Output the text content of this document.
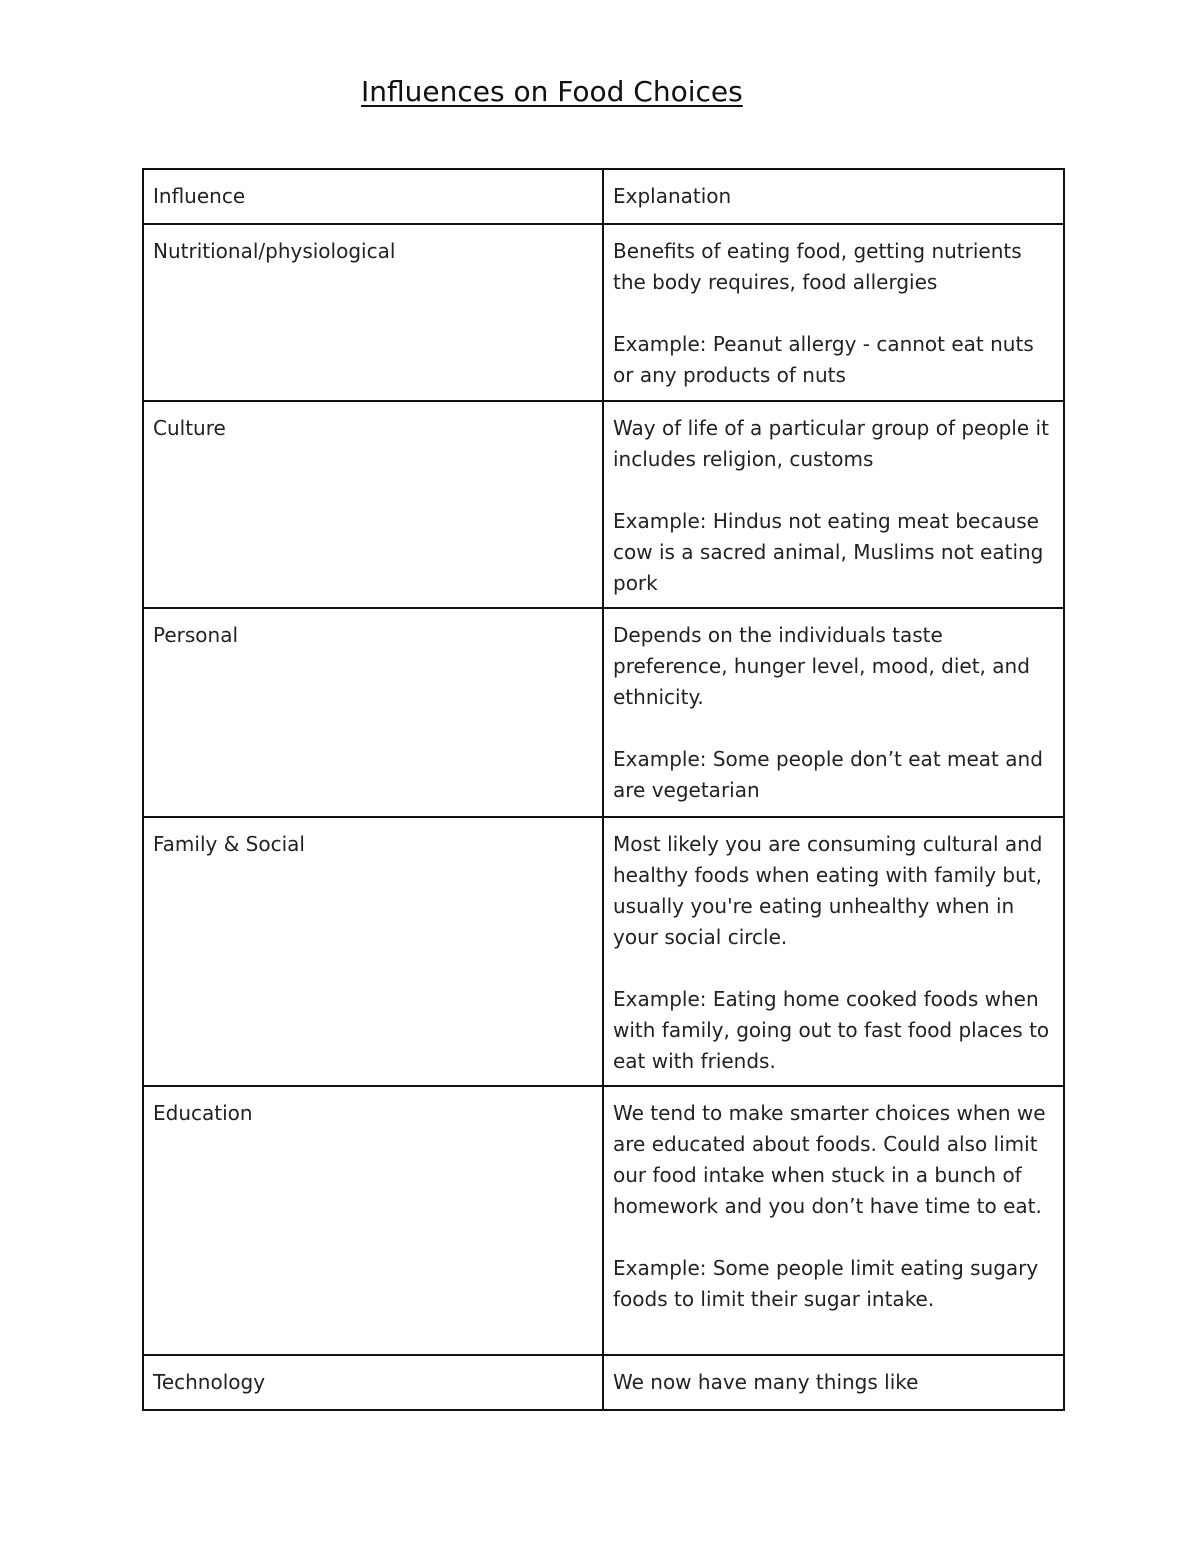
Influences on Food Choices
Influence	Explanation
Nutritional/physiological	Benefits of eating food, getting nutrients the body requires, food allergies
Example: Peanut allergy - cannot eat nuts or any products of nuts

Culture	Way of life of a particular group of people it includes religion, customs
Example: Hindus not eating meat because cow is a sacred animal, Muslims not eating pork

Personal	Depends on the individuals taste preference, hunger level, mood, diet, and ethnicity.
Example: Some people don’t eat meat and are vegetarian

Family & Social	Most likely you are consuming cultural and healthy foods when eating with family but, usually you're eating unhealthy when in your social circle.
Example: Eating home cooked foods when with family, going out to fast food places to eat with friends.

Education	We tend to make smarter choices when we are educated about foods. Could also limit our food intake when stuck in a bunch of homework and you don’t have time to eat.
Example: Some people limit eating sugary foods to limit their sugar intake.

Technology	We now have many things like
